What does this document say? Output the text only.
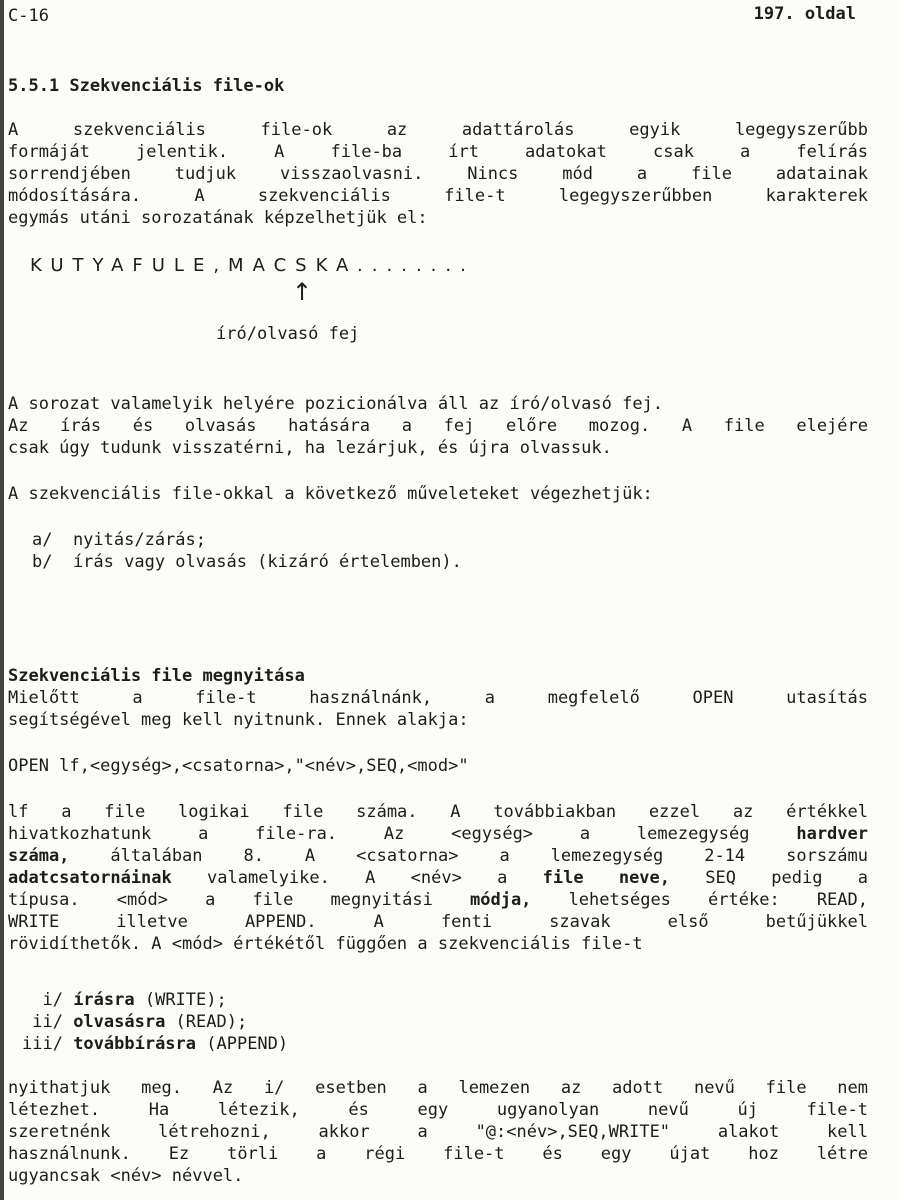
C-16	197. oldal
5.5.1 Szekvenciális file-ok
A szekvenciális file-ok az adattárolás egyik legegyszerűbb
formáját jelentik. A file-ba írt adatokat csak a felírás
sorrendjében tudjuk visszaolvasni. Nincs mód a file adatainak
módosítására. A szekvenciális file-t legegyszerűbben karakterek
egymás utáni sorozatának képzelhetjük el:
KUTYAFULE,MACSKA........
↑
író/olvasó fej
A sorozat valamelyik helyére pozicionálva áll az író/olvasó fej.
Az írás és olvasás hatására a fej előre mozog. A file elejére
csak úgy tudunk visszatérni, ha lezárjuk, és újra olvassuk.
A szekvenciális file-okkal a következő műveleteket végezhetjük:
a/  nyitás/zárás;
b/  írás vagy olvasás (kizáró értelemben).
Szekvenciális file megnyitása
Mielőtt a file-t használnánk, a megfelelő OPEN utasítás
segítségével meg kell nyitnunk. Ennek alakja:
OPEN lf,<egység>,<csatorna>,"<név>,SEQ,<mod>"
lf a file logikai file száma. A továbbiakban ezzel az értékkel
hivatkozhatunk a file-ra. Az <egység> a lemezegység	hardver
száma, általában 8. A <csatorna> a lemezegység 2-14 sorszámu
adatcsatornáinak valamelyike. A <név> a file neve, SEQ pedig a
típusa. <mód> a file megnyitási módja, lehetséges értéke: READ,
WRITE illetve APPEND. A fenti szavak első betűjükkel
rövidíthetők. A <mód> értékétől függően a szekvenciális file-t
i/ írásra (WRITE);
ii/ olvasásra (READ);
iii/ továbbírásra (APPEND)
nyithatjuk meg. Az i/ esetben a lemezen az adott nevű file nem
létezhet. Ha létezik, és egy ugyanolyan nevű új file-t
szeretnénk létrehozni, akkor a "@:<név>,SEQ,WRITE" alakot kell
használnunk. Ez törli a régi file-t és egy újat hoz létre
ugyancsak <név> névvel.
